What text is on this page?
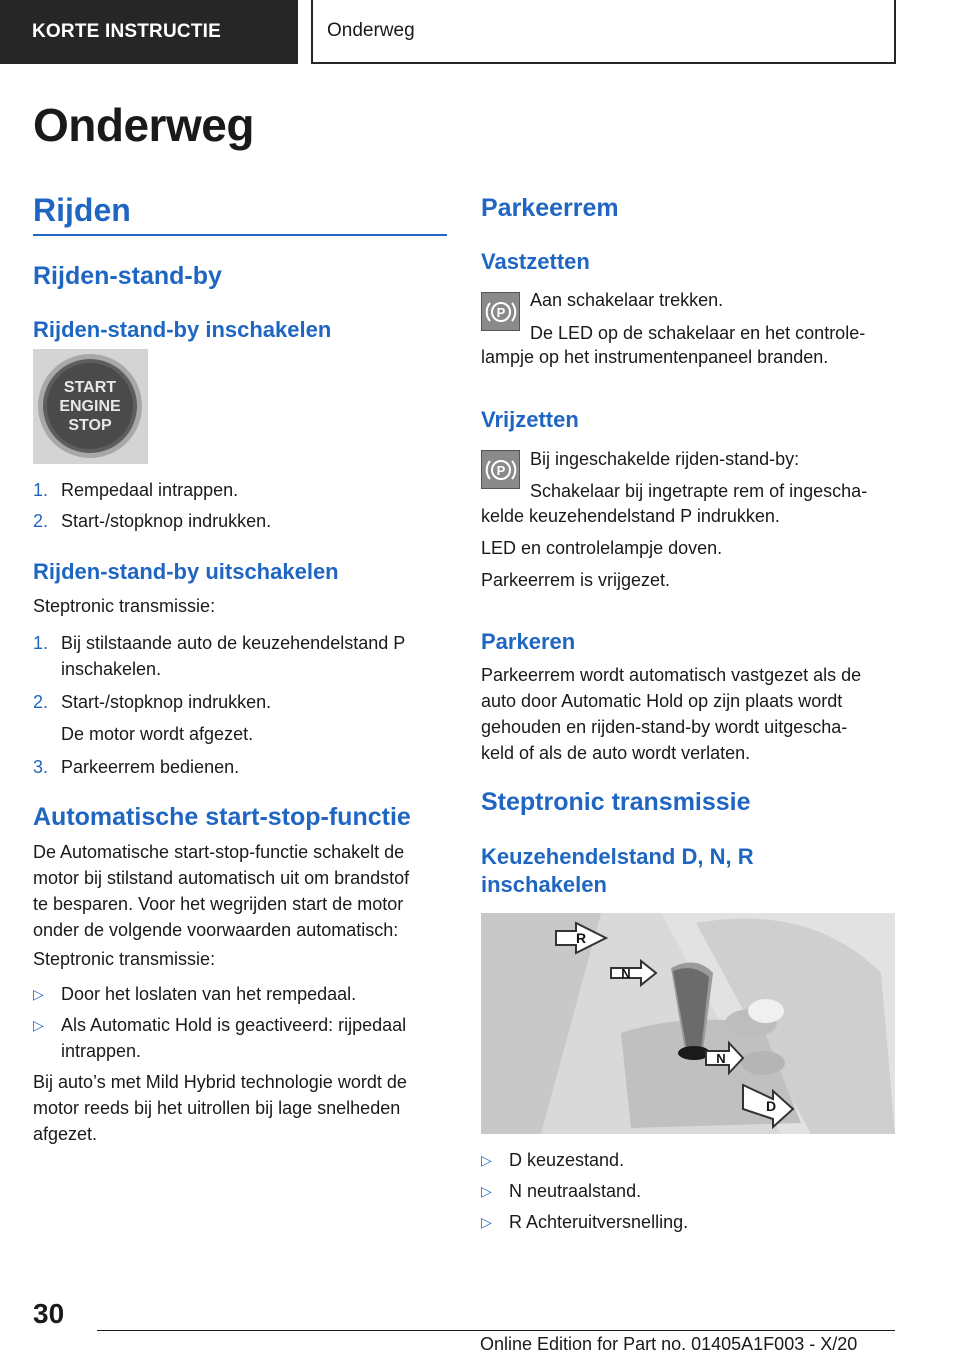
KORTE INSTRUCTIE	Onderweg
Onderweg
Rijden
Rijden-stand-by
Rijden-stand-by inschakelen
START
ENGINE
STOP
1. Rempedaal intrappen.
2. Start-/stopknop indrukken.
Rijden-stand-by uitschakelen
Steptronic transmissie:
1. Bij stilstaande auto de keuzehendelstand P
inschakelen.
2. Start-/stopknop indrukken.
De motor wordt afgezet.
3. Parkeerrem bedienen.
Automatische start-stop-functie
De Automatische start-stop-functie schakelt de
motor bij stilstand automatisch uit om brandstof
te besparen. Voor het wegrijden start de motor
onder de volgende voorwaarden automatisch:
Steptronic transmissie:
▷ Door het loslaten van het rempedaal.
▷ Als Automatic Hold is geactiveerd: rijpedaal
intrappen.
Bij auto’s met Mild Hybrid technologie wordt de
motor reeds bij het uitrollen bij lage snelheden
afgezet.
Parkeerrem
Vastzetten
P
Aan schakelaar trekken.
De LED op de schakelaar en het controle-
lampje op het instrumentenpaneel branden.
Vrijzetten
P
Bij ingeschakelde rijden-stand-by:
Schakelaar bij ingetrapte rem of ingescha-
kelde keuzehendelstand P indrukken.
LED en controlelampje doven.
Parkeerrem is vrijgezet.
Parkeren
Parkeerrem wordt automatisch vastgezet als de
auto door Automatic Hold op zijn plaats wordt
gehouden en rijden-stand-by wordt uitgescha-
keld of als de auto wordt verlaten.
Steptronic transmissie
Keuzehendelstand D, N, R
inschakelen
R
N
N
D
▷ D keuzestand.
▷ N neutraalstand.
▷ R Achteruitversnelling.
30
Online Edition for Part no. 01405A1F003 - X/20
